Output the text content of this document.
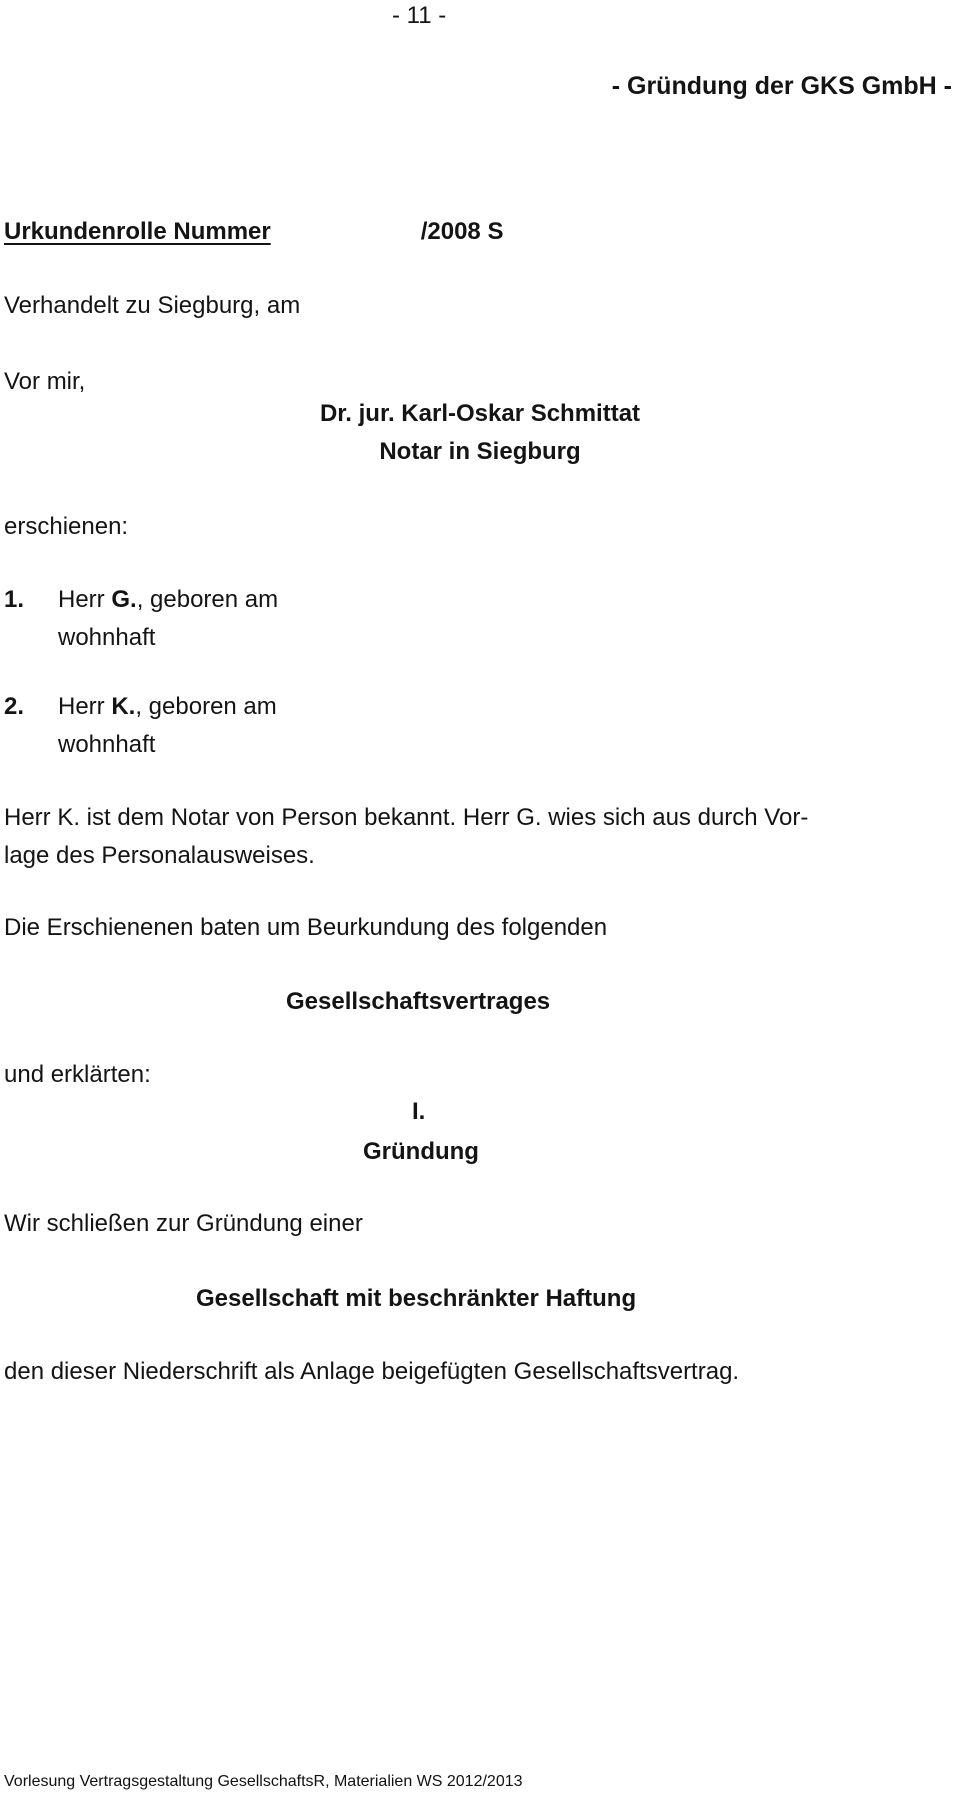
- 11 -
- Gründung der GKS GmbH -
Urkundenrolle Nummer	/2008 S
Verhandelt zu Siegburg, am
Vor mir,
Dr. jur. Karl-Oskar Schmittat
Notar in Siegburg
erschienen:
1. Herr G., geboren am
wohnhaft
2. Herr K., geboren am
wohnhaft
Herr K. ist dem Notar von Person bekannt. Herr G. wies sich aus durch Vor-
lage des Personalausweises.
Die Erschienenen baten um Beurkundung des folgenden
Gesellschaftsvertrages
und erklärten:
I.
Gründung
Wir schließen zur Gründung einer
Gesellschaft mit beschränkter Haftung
den dieser Niederschrift als Anlage beigefügten Gesellschaftsvertrag.
Vorlesung Vertragsgestaltung GesellschaftsR, Materialien WS 2012/2013
